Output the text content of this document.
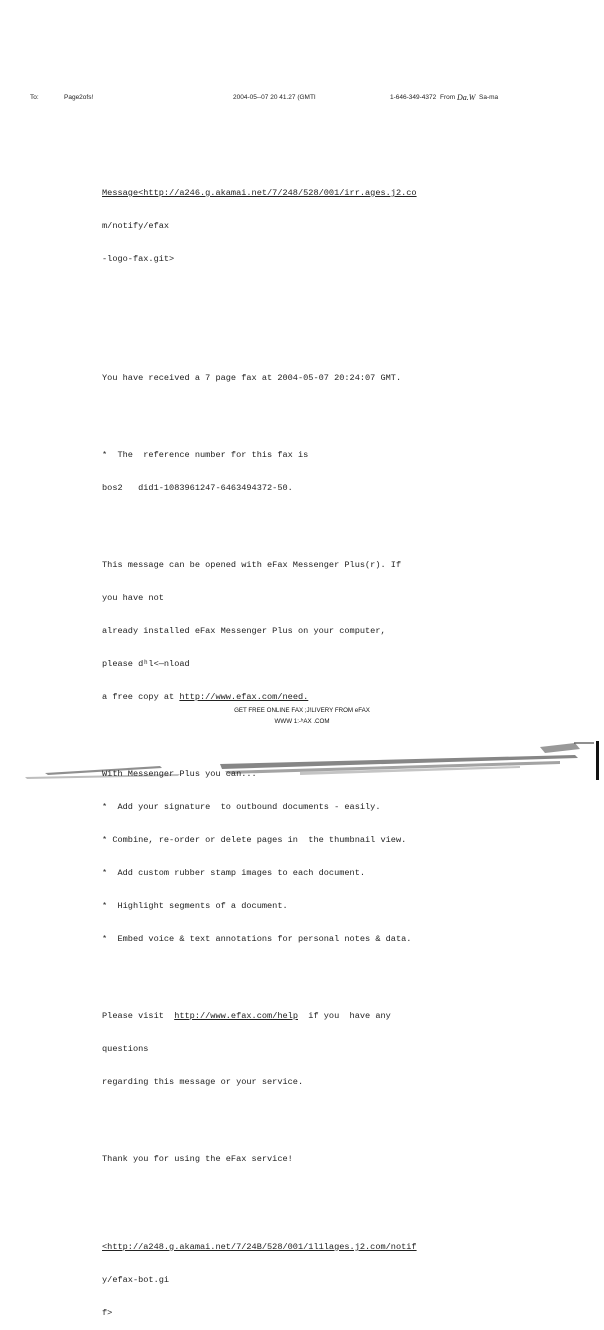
To:	Page2ofs!	2004-05--07 20 41.27 (GMTI	1-646-349-4372 From Da.W Sa-ma

Message<http://a246.g.akamai.net/7/248/528/001/irr.ages.j2.co

m/notify/efax

-logo-fax.git>

You have received a 7 page fax at 2004-05-07 20:24:07 GMT.

*  The  reference number for this fax is

bos2   did1-1083961247-6463494372-50.

This message can be opened with eFax Messenger Plus(r). If

you have not

already installed eFax Messenger Plus on your computer,

please dʰl<—nload

a free copy at http://www.efax.com/need.

With Messenger Plus you can...

*  Add your signature  to outbound documents - easily.

* Combine, re-order or delete pages in  the thumbnail view.

*  Add custom rubber stamp images to each document.

*  Highlight segments of a document.

*  Embed voice & text annotations for personal notes & data.

Please visit  http://www.efax.com/help  if you  have any

questions

regarding this message or your service.

Thank you for using the eFax service!

<http://a248.g.akamai.net/7/24B/528/001/1l1lages.j2.com/notif

y/efax-bot.gi

f>

GET FREE ONLINE FAX ;J!LIVERY FROM eFAX
WWW 1:-ʰAX .COM
